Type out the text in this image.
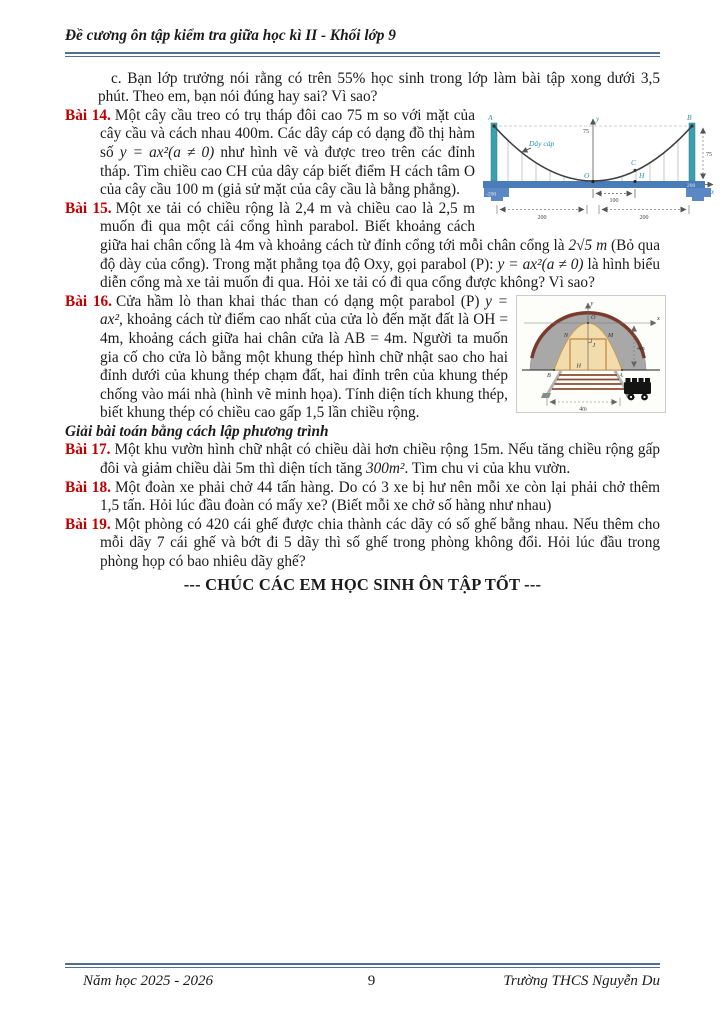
Đề cương ôn tập kiểm tra giữa học kì II - Khối lớp 9

c. Bạn lớp trưởng nói rằng có trên 55% học sinh trong lớp làm bài tập xong dưới 3,5 phút. Theo em, bạn nói đúng hay sai? Vì sao?

A	B
C
H
O
y
x
75
Dây cáp
-200
200
100
75
200	200
Bài 14. Một cây cầu treo có trụ tháp đôi cao 75 m so với mặt của cây cầu và cách nhau 400m. Các dây cáp có dạng đồ thị hàm số y = ax²(a ≠ 0) như hình vẽ và được treo trên các đỉnh tháp. Tìm chiều cao CH của dây cáp biết điểm H cách tâm O của cây cầu 100 m (giả sử mặt của cây cầu là bằng phẳng).

Bài 15. Một xe tải có chiều rộng là 2,4 m và chiều cao là 2,5 m muốn đi qua một cái cổng hình parabol. Biết khoảng cách giữa hai chân cổng là 4m và khoảng cách từ đỉnh cổng tới mỗi chân cổng là 2√5 m (Bỏ qua độ dày của cổng). Trong mặt phẳng tọa độ Oxy, gọi parabol (P): y = ax²(a ≠ 0) là hình biểu diễn cổng mà xe tải muốn đi qua. Hỏi xe tải có đi qua cổng được không? Vì sao?

y
x
O
N	M
J
B	A
H
4m
4m
Bài 16. Cửa hầm lò than khai thác than có dạng một parabol (P) y = ax², khoảng cách từ điểm cao nhất của cửa lò đến mặt đất là OH = 4m, khoảng cách giữa hai chân cửa là AB = 4m. Người ta muốn gia cố cho cửa lò bằng một khung thép hình chữ nhật sao cho hai đỉnh dưới của khung thép chạm đất, hai đỉnh trên của khung thép chống vào mái nhà (hình vẽ minh họa). Tính diện tích khung thép, biết khung thép có chiều cao gấp 1,5 lần chiều rộng.

Giải bài toán bằng cách lập phương trình

Bài 17. Một khu vườn hình chữ nhật có chiều dài hơn chiều rộng 15m. Nếu tăng chiều rộng gấp đôi và giảm chiều dài 5m thì diện tích tăng 300m². Tìm chu vi của khu vườn.

Bài 18. Một đoàn xe phải chở 44 tấn hàng. Do có 3 xe bị hư nên mỗi xe còn lại phải chở thêm 1,5 tấn. Hỏi lúc đầu đoàn có mấy xe? (Biết mỗi xe chở số hàng như nhau)

Bài 19. Một phòng có 420 cái ghế được chia thành các dãy có số ghế bằng nhau. Nếu thêm cho mỗi dãy 7 cái ghế và bớt đi 5 dãy thì số ghế trong phòng không đổi. Hỏi lúc đầu trong phòng họp có bao nhiêu dãy ghế?

--- CHÚC CÁC EM HỌC SINH ÔN TẬP TỐT ---

Năm học 2025 - 2026	9	Trường THCS Nguyễn Du
